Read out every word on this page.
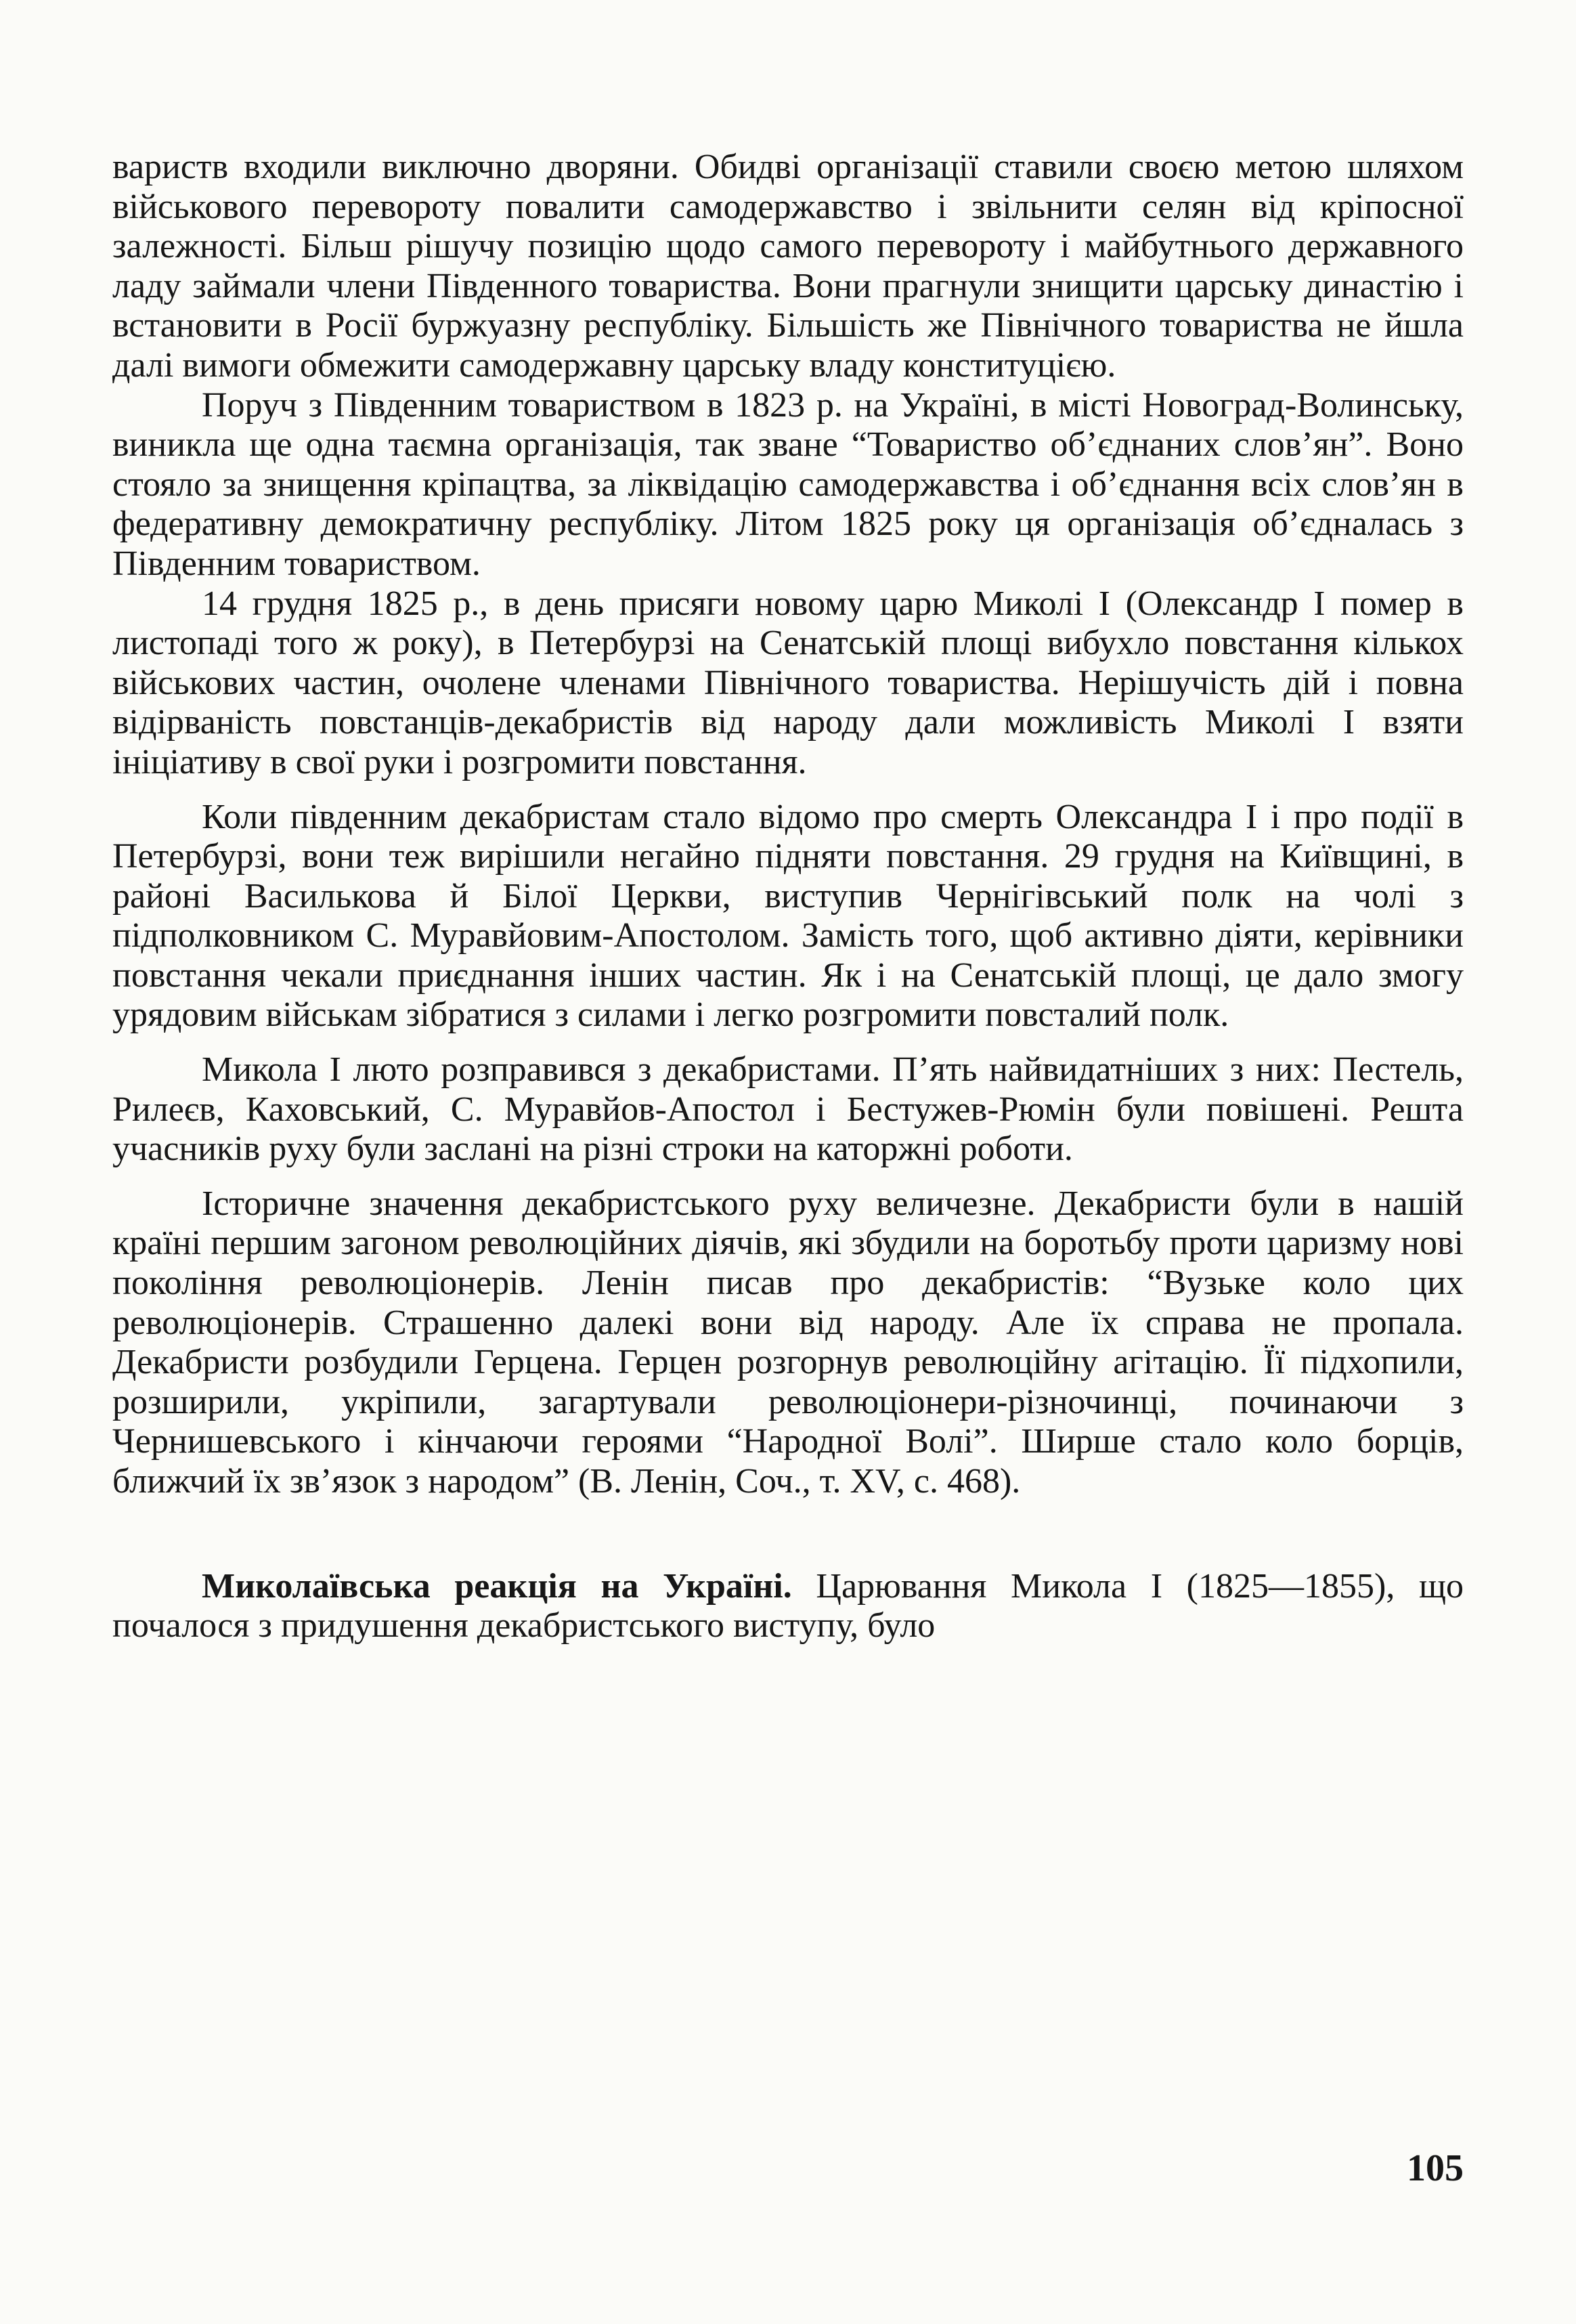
вариств входили виключно дворяни. Обидві організації ставили своєю метою шляхом військового перевороту повалити самодержавство і звільнити селян від кріпосної залежності. Більш рішучу позицію щодо самого перевороту і майбутнього державного ладу займали члени Південного товариства. Вони прагнули знищити царську династію і встановити в Росії буржуазну республіку. Більшість же Північного товариства не йшла далі вимоги обмежити самодержавну царську владу конституцією.

Поруч з Південним товариством в 1823 р. на Україні, в місті Новоград-Волинську, виникла ще одна таємна організація, так зване “Товариство об’єднаних слов’ян”. Воно стояло за знищення кріпацтва, за ліквідацію самодержавства і об’єднання всіх слов’ян в федеративну демократичну республіку. Літом 1825 року ця організація об’єдналась з Південним товариством.

14 грудня 1825 р., в день присяги новому царю Миколі І (Олександр І помер в листопаді того ж року), в Петербурзі на Сенатській площі вибухло повстання кількох військових частин, очолене членами Північного товариства. Нерішучість дій і повна відірваність повстанців-декабристів від народу дали можливість Миколі І взяти ініціативу в свої руки і розгромити повстання.

Коли південним декабристам стало відомо про смерть Олександра І і про події в Петербурзі, вони теж вирішили негайно підняти повстання. 29 грудня на Київщині, в районі Василькова й Білої Церкви, виступив Чернігівський полк на чолі з підполковником С. Муравйовим-Апостолом. Замість того, щоб активно діяти, керівники повстання чекали приєднання інших частин. Як і на Сенатській площі, це дало змогу урядовим військам зібратися з силами і легко розгромити повсталий полк.

Микола І люто розправився з декабристами. П’ять найвидатніших з них: Пестель, Рилеєв, Каховський, С. Муравйов-Апостол і Бестужев-Рюмін були повішені. Решта учасників руху були заслані на різні строки на каторжні роботи.

Історичне значення декабристського руху величезне. Декабристи були в нашій країні першим загоном революційних діячів, які збудили на боротьбу проти царизму нові покоління революціонерів. Ленін писав про декабристів: “Вузьке коло цих революціонерів. Страшенно далекі вони від народу. Але їх справа не пропала. Декабристи розбудили Герцена. Герцен розгорнув революційну агітацію. Її підхопили, розширили, укріпили, загартували революціонери-різночинці, починаючи з Чернишевського і кінчаючи героями “Народної Волі”. Ширше стало коло борців, ближчий їх зв’язок з народом” (В. Ленін, Соч., т. XV, с. 468).

Миколаївська реакція на Україні. Царювання Микола І (1825—1855), що почалося з придушення декабристського виступу, було

105
